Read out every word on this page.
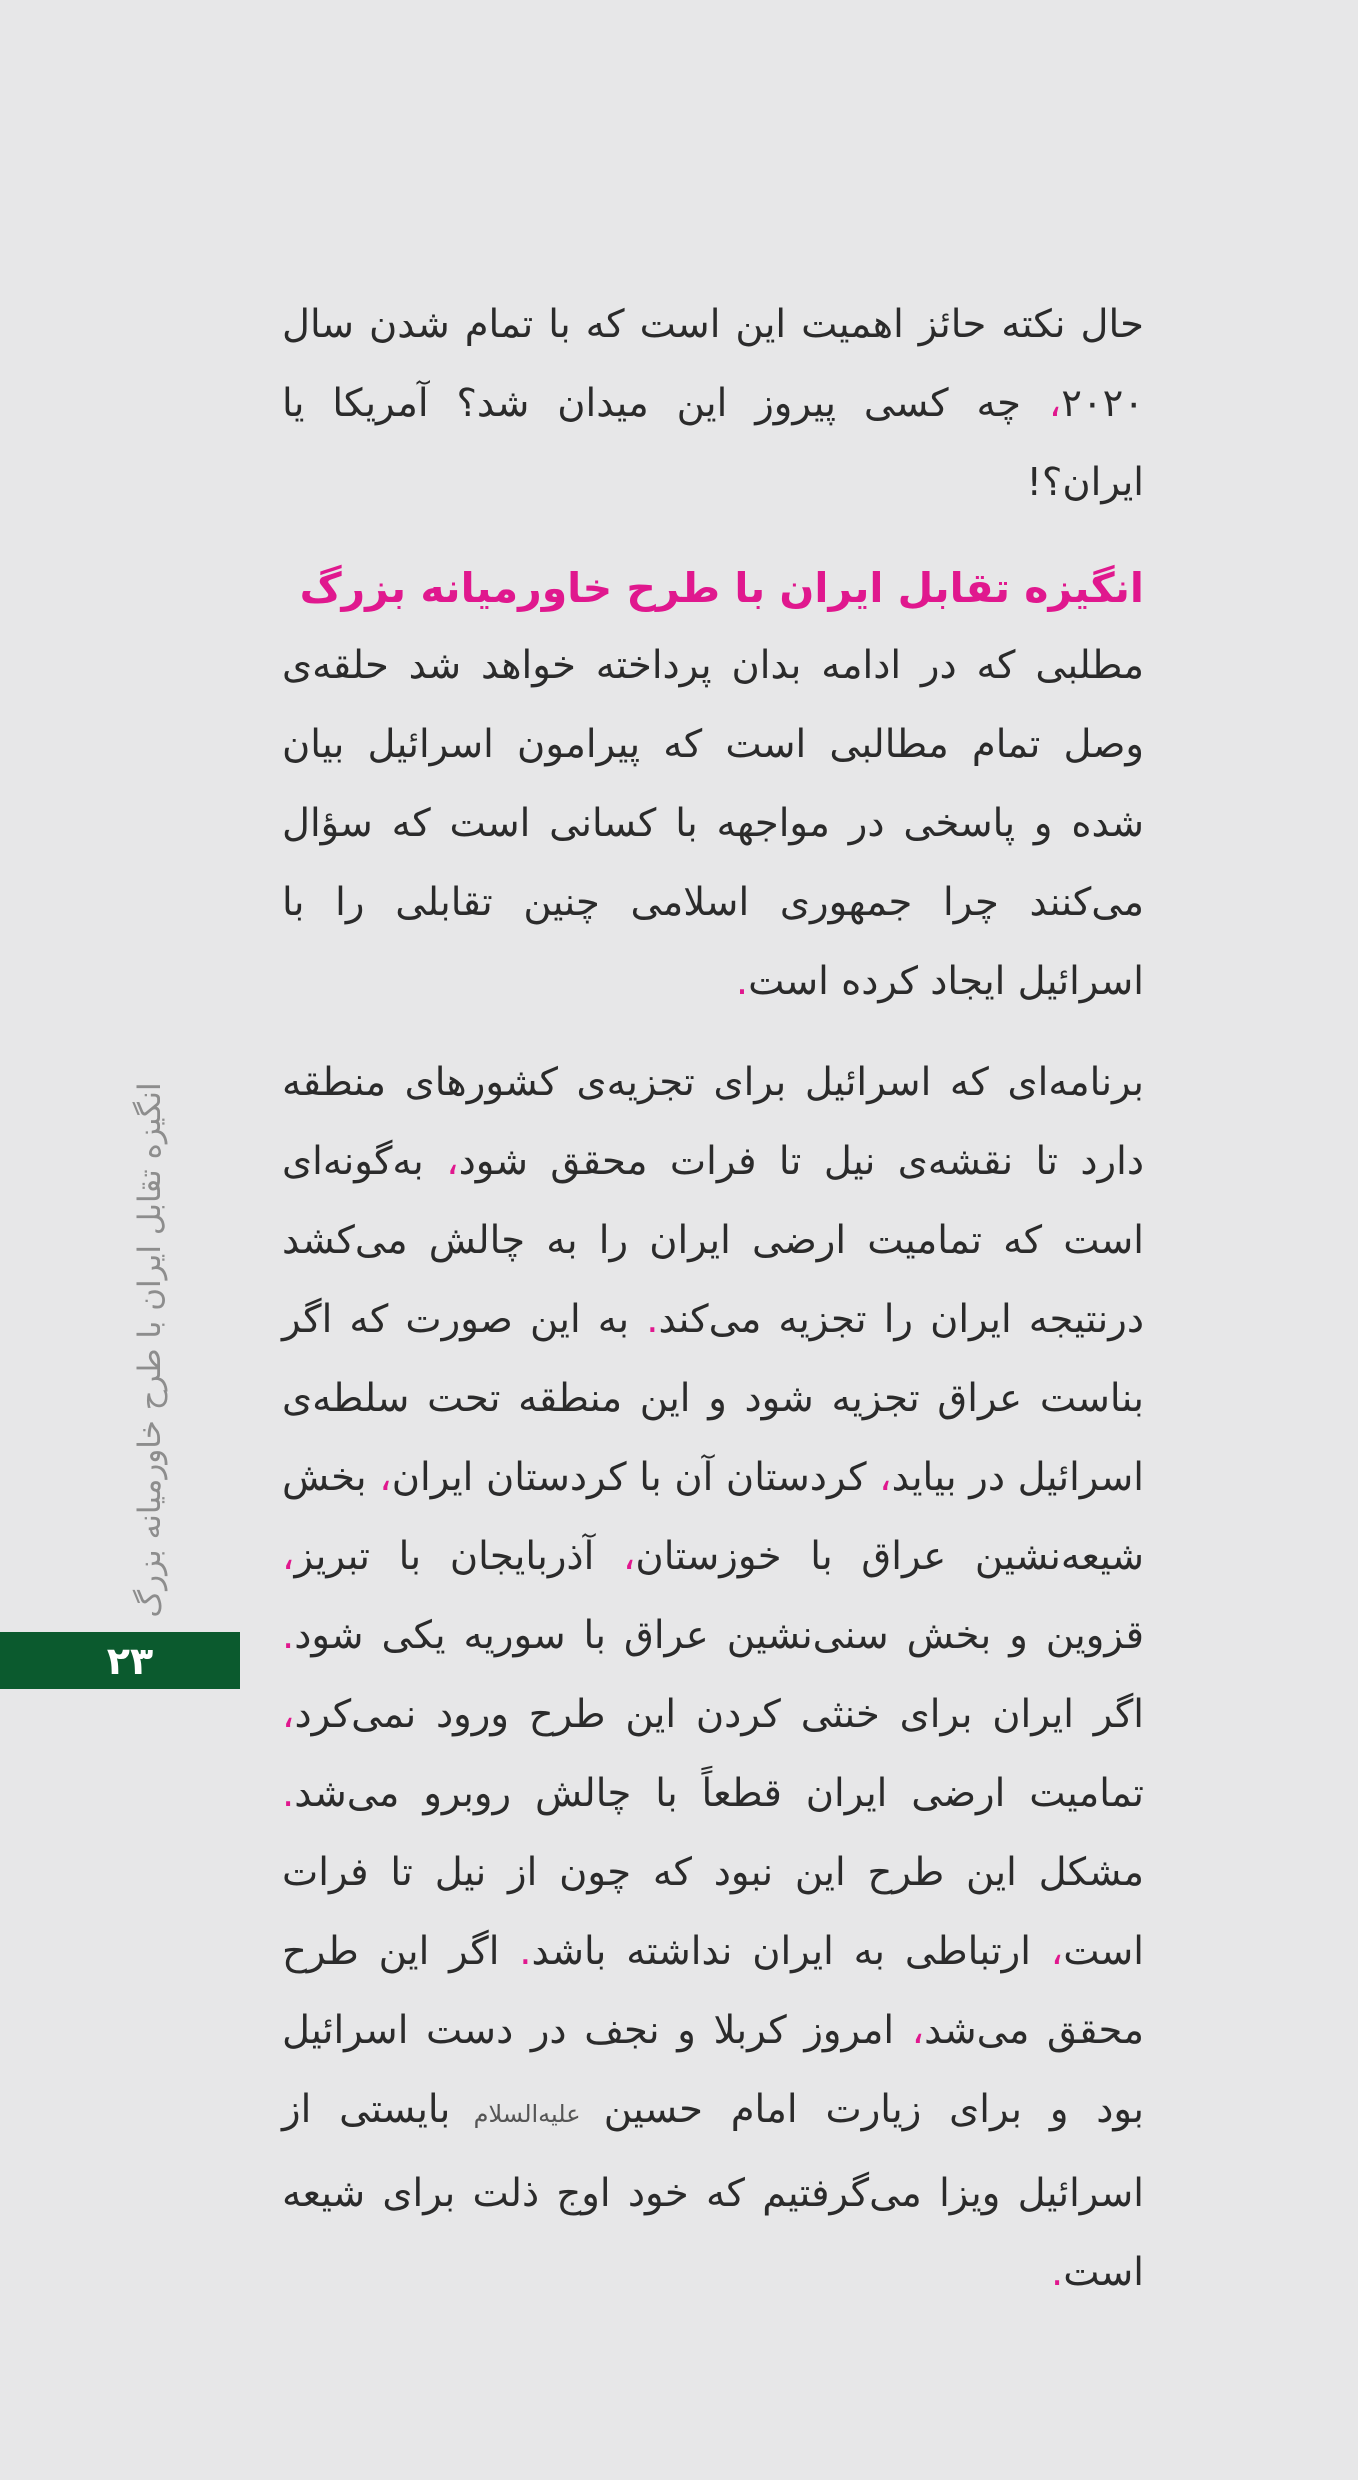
انگیزه تقابل ایران با طرح خاورمیانه بزرگ
۲۳

حال نکته حائز اهمیت این است که با تمام شدن سال ۲۰۲۰، چه کسی پیروز این میدان شد؟ آمریکا یا ایران؟!

انگیزه تقابل ایران با طرح خاورمیانه بزرگ

مطلبی که در ادامه بدان پرداخته خواهد شد حلقه‌ی وصل تمام مطالبی است که پیرامون اسرائیل بیان شده و پاسخی در مواجهه با کسانی است که سؤال می‌کنند چرا جمهوری اسلامی چنین تقابلی را با اسرائیل ایجاد کرده است.

برنامه‌ای که اسرائیل برای تجزیه‌ی کشورهای منطقه دارد تا نقشه‌ی نیل تا فرات محقق شود، به‌گونه‌ای است که تمامیت ارضی ایران را به چالش می‌کشد درنتیجه ایران را تجزیه می‌کند. به این صورت که اگر بناست عراق تجزیه شود و این منطقه تحت سلطه‌ی اسرائیل در بیاید، کردستان آن با کردستان ایران، بخش شیعه‌نشین عراق با خوزستان، آذربایجان با تبریز، قزوین و بخش سنی‌نشین عراق با سوریه یکی شود. اگر ایران برای خنثی کردن این طرح ورود نمی‌کرد، تمامیت ارضی ایران قطعاً با چالش روبرو می‌شد. مشکل این طرح این نبود که چون از نیل تا فرات است، ارتباطی به ایران نداشته باشد. اگر این طرح محقق می‌شد، امروز کربلا و نجف در دست اسرائیل بود و برای زیارت امام حسین علیه‌السلام بایستی از اسرائیل ویزا می‌گرفتیم که خود اوج ذلت برای شیعه است.
